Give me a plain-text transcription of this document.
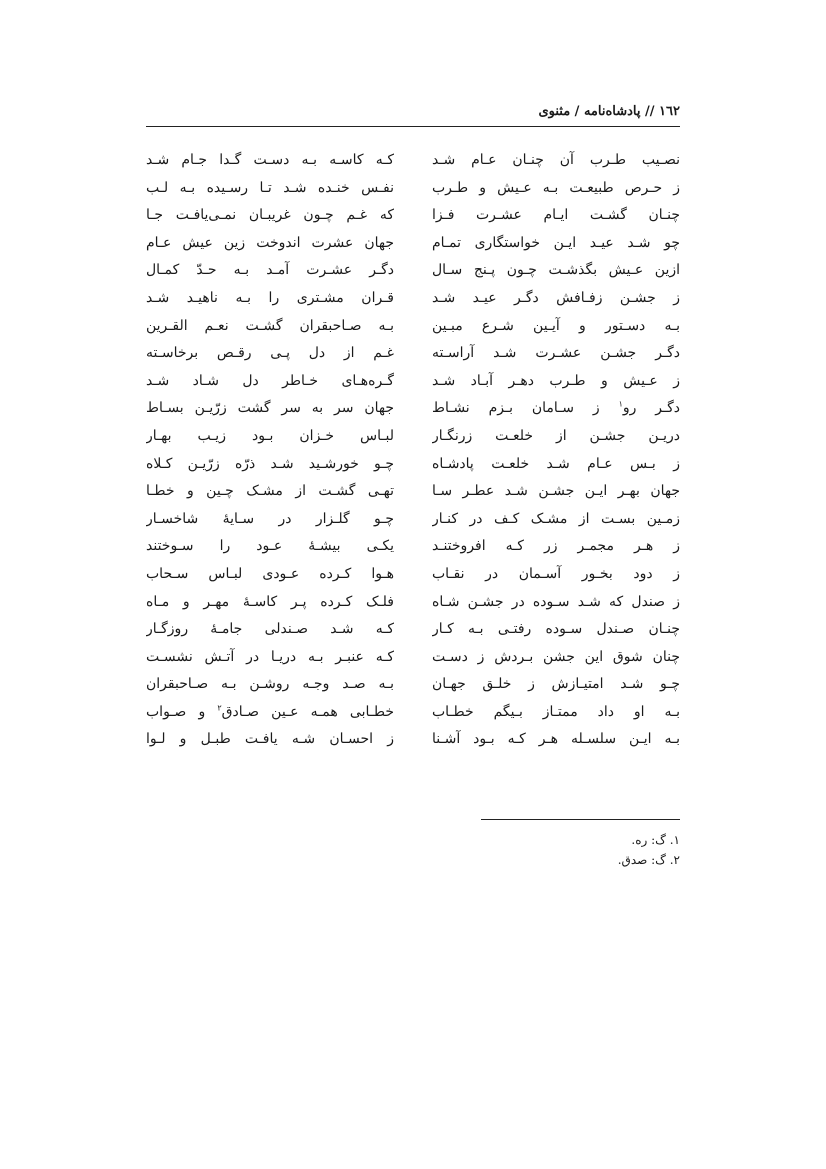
١٦٢ // پادشاه‌نامه / مثنوی
نصـیب طـرب آن چنـان عـام شـد
کـه کاسـه بـه دسـت گـدا جـام شـد
ز حـرص طبیعـت بـه عـیش و طـرب
نفـس خنـده شـد تـا رسـیده بـه لـب
چنـان گشـت ایـام عشـرت فـزا
که غـم چـون غریبـان نمـی‌یافـت جـا
چو شـد عیـد ایـن خواستگاری تمـام
جهان عشرت اندوخت زین عیش عـام
ازین عـیش بگذشـت چـون پـنج سـال
دگـر عشـرت آمـد بـه حـدّ کمـال
ز جشـن زفـافش دگـر عیـد شـد
قـران مشـتری را بـه ناهیـد شـد
بـه دسـتور و آیـین شـرع مبـین
بـه صـاحبقران گشـت نعـم القـرین
دگـر جشـن عشـرت شـد آراسـته
غـم از دل پـی رقـص برخاسـته
ز عـیش و طـرب دهـر آبـاد شـد
گـره‌هـای خـاطر دل شـاد شـد
دگـر رو$^١$ ز سـامان بـزم نشـاط
جهان سر به سر گشت زرّیـن بسـاط
دریـن جشـن از خلعـت زرنگـار
لبـاس خـزان بـود زیـب بهـار
ز بـس عـام شـد خلعـت پادشـاه
چـو خورشـید شـد ذرّه زرّیـن کـلاه
جهان بهـر ایـن جشـن شـد عطـر سـا
تهـی گشـت از مشـک چـین و خطـا
زمـین بسـت از مشـک کـف در کنـار
چـو گلـزار در سـایهٔ شاخسـار
ز هـر مجمـر زر کـه افروختنـد
یکـی بیشـهٔ عـود را سـوختند
ز دود بخـور آسـمان در نقـاب
هـوا کـرده عـودی لبـاس سـحاب
ز صندل که شـد سـوده در جشـن شـاه
فلـک کـرده پـر کاسـهٔ مهـر و مـاه
چنـان صـندل سـوده رفتـی بـه کـار
کـه شـد صـندلی جامـهٔ روزگـار
چنان شوق این جشن بـردش ز دسـت
کـه عنبـر بـه دریـا در آتـش نشسـت
چـو شـد امتیـازش ز خلـق جهـان
بـه صـد وجـه روشـن بـه صـاحبقران
بـه او داد ممتـاز بـیگم خطـاب
خطـابی همـه عـین صـادق$^٢$ و صـواب
بـه ایـن سلسـله هـر کـه بـود آشـنا
ز احسـان شـه یافـت طبـل و لـوا
١. گ: ره.
٢. گ: صدق.
